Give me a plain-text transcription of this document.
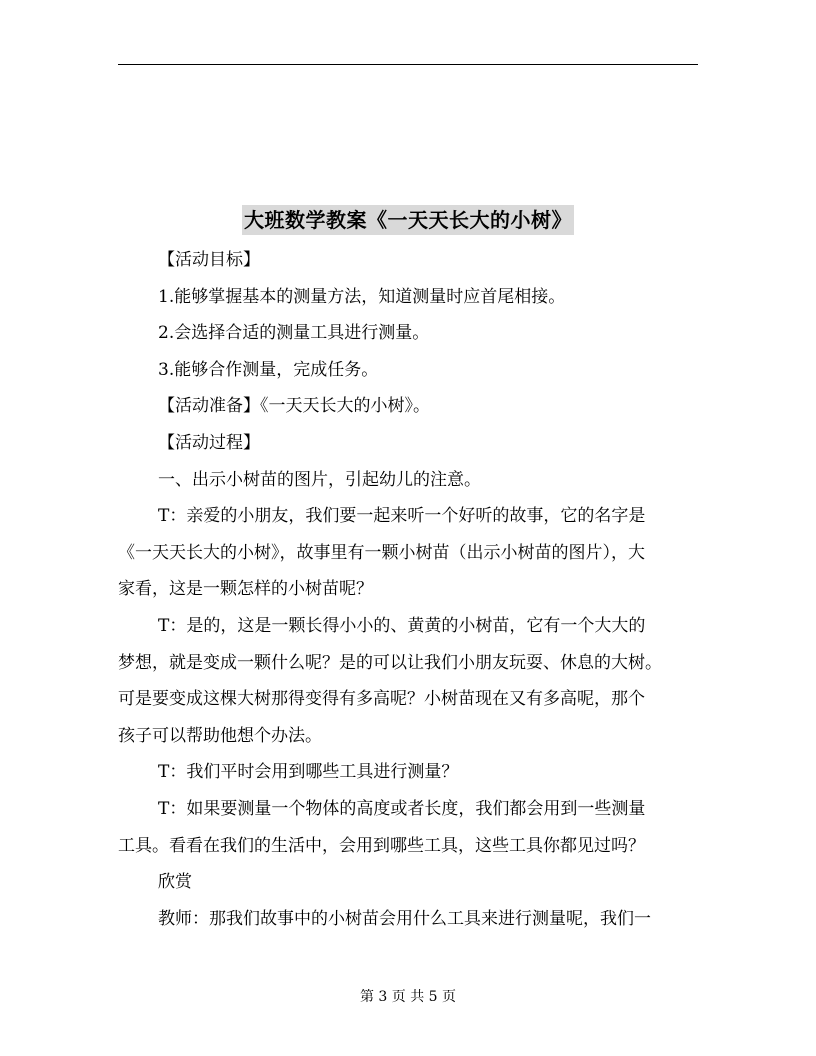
大班数学教案《一天天长大的小树》
【活动目标】
1.能够掌握基本的测量方法，知道测量时应首尾相接。
2.会选择合适的测量工具进行测量。
3.能够合作测量，完成任务。
【活动准备】《一天天长大的小树》。
【活动过程】
一、出示小树苗的图片，引起幼儿的注意。
T：亲爱的小朋友，我们要一起来听一个好听的故事，它的名字是
《一天天长大的小树》，故事里有一颗小树苗（出示小树苗的图片），大
家看，这是一颗怎样的小树苗呢？
T：是的，这是一颗长得小小的、黄黄的小树苗，它有一个大大的
梦想，就是变成一颗什么呢？是的可以让我们小朋友玩耍、休息的大树。
可是要变成这棵大树那得变得有多高呢？小树苗现在又有多高呢，那个
孩子可以帮助他想个办法。
T：我们平时会用到哪些工具进行测量？
T：如果要测量一个物体的高度或者长度，我们都会用到一些测量
工具。看看在我们的生活中，会用到哪些工具，这些工具你都见过吗？
欣赏
教师：那我们故事中的小树苗会用什么工具来进行测量呢，我们一
第 3 页 共 5 页
